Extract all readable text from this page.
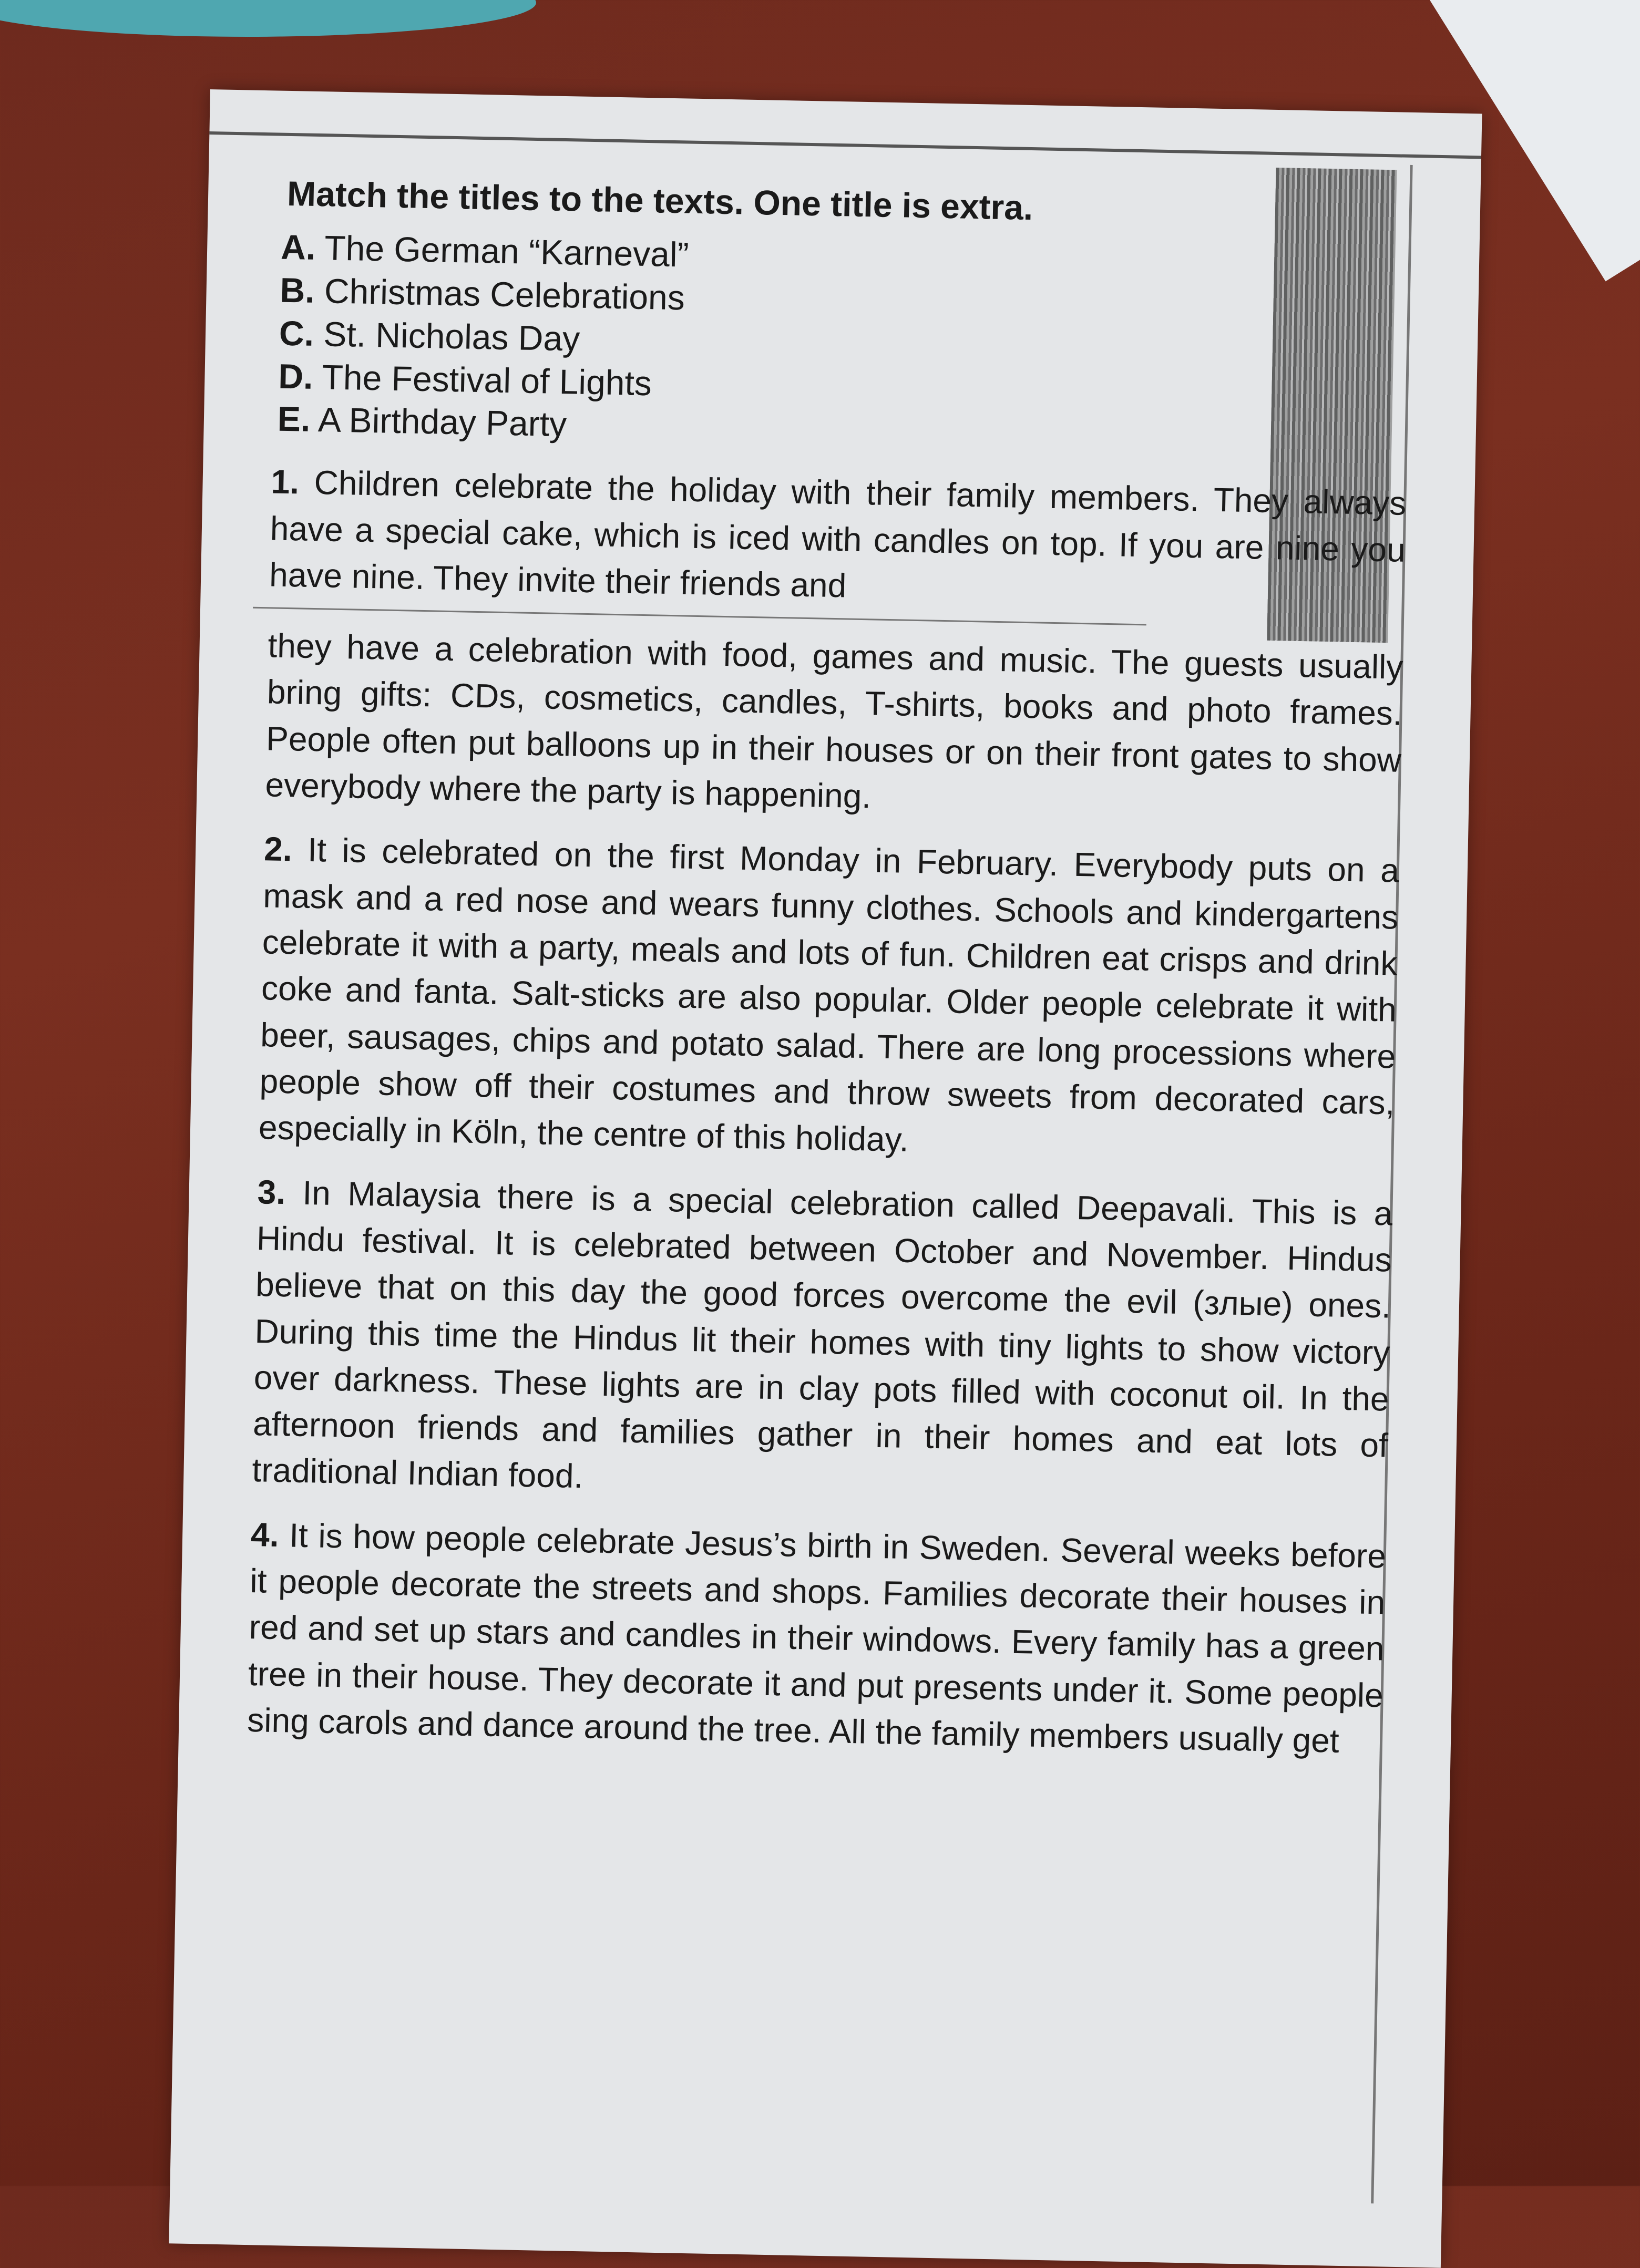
Match the titles to the texts. One title is extra.
A. The German “Karneval”
B. Christmas Celebrations
C. St. Nicholas Day
D. The Festival of Lights
E. A Birthday Party
1. Children celebrate the holiday with their family members. They always have a special cake, which is iced with candles on top. If you are nine you have nine. They invite their friends and
they have a celebration with food, games and music. The guests usually bring gifts: CDs, cosmetics, candles, T-shirts, books and photo frames. People often put balloons up in their houses or on their front gates to show everybody where the party is happening.
2. It is celebrated on the first Monday in February. Everybody puts on a mask and a red nose and wears funny clothes. Schools and kindergartens celebrate it with a party, meals and lots of fun. Children eat crisps and drink coke and fanta. Salt-sticks are also popular. Older people celebrate it with beer, sausages, chips and potato salad. There are long processions where people show off their costumes and throw sweets from decorated cars, especially in Köln, the centre of this holiday.
3. In Malaysia there is a special celebration called Deepavali. This is a Hindu festival. It is celebrated between October and November. Hindus believe that on this day the good forces overcome the evil (злые) ones. During this time the Hindus lit their homes with tiny lights to show victory over darkness. These lights are in clay pots filled with coconut oil. In the afternoon friends and families gather in their homes and eat lots of traditional Indian food.
4. It is how people celebrate Jesus’s birth in Sweden. Several weeks before it people decorate the streets and shops. Families decorate their houses in red and set up stars and candles in their windows. Every family has a green tree in their house. They decorate it and put presents under it. Some people sing carols and dance around the tree. All the family members usually get
